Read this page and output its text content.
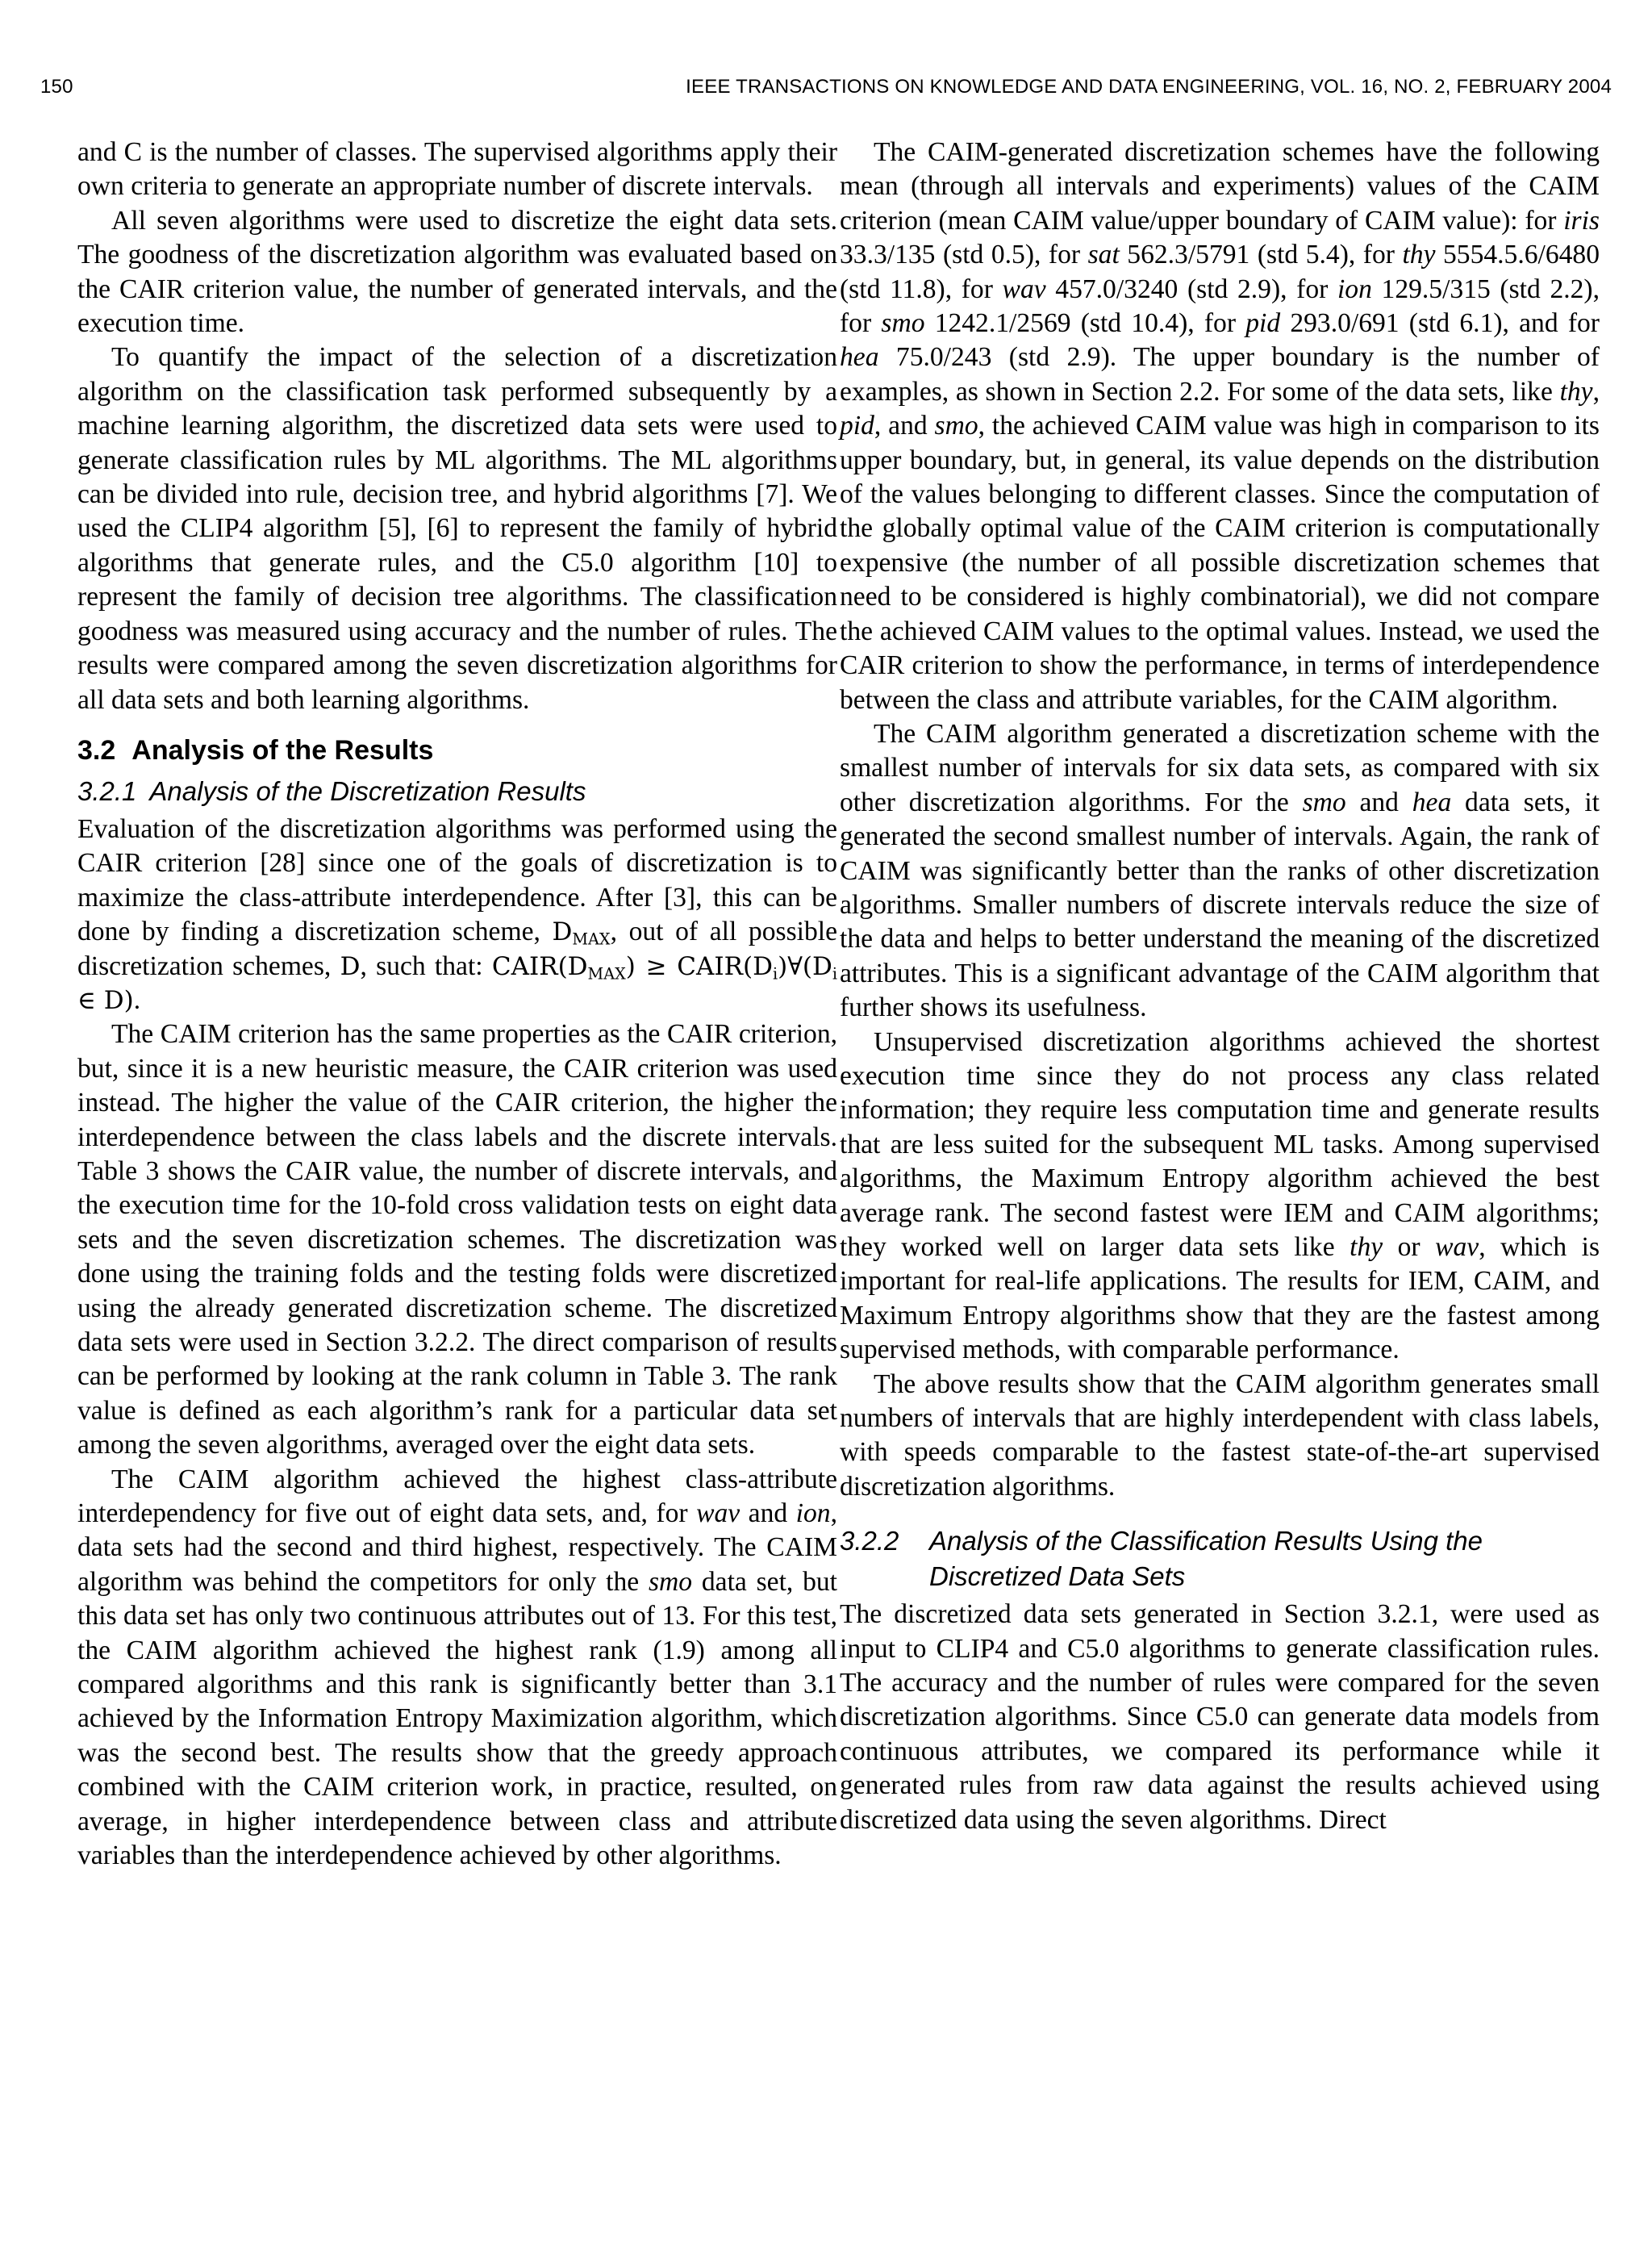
150	IEEE TRANSACTIONS ON KNOWLEDGE AND DATA ENGINEERING, VOL. 16, NO. 2, FEBRUARY 2004

and C is the number of classes. The supervised algorithms apply their own criteria to generate an appropriate number of discrete intervals.

All seven algorithms were used to discretize the eight data sets. The goodness of the discretization algorithm was evaluated based on the CAIR criterion value, the number of generated intervals, and the execution time.

To quantify the impact of the selection of a discretization algorithm on the classification task performed subsequently by a machine learning algorithm, the discretized data sets were used to generate classification rules by ML algorithms. The ML algorithms can be divided into rule, decision tree, and hybrid algorithms [7]. We used the CLIP4 algorithm [5], [6] to represent the family of hybrid algorithms that generate rules, and the C5.0 algorithm [10] to represent the family of decision tree algorithms. The classification goodness was measured using accuracy and the number of rules. The results were compared among the seven discretization algorithms for all data sets and both learning algorithms.

3.2 Analysis of the Results
3.2.1 Analysis of the Discretization Results

Evaluation of the discretization algorithms was performed using the CAIR criterion [28] since one of the goals of discretization is to maximize the class-attribute interdependence. After [3], this can be done by finding a discretization scheme, $D_{MAX}$, out of all possible discretization schemes, D, such that: $CAIR(D_{MAX})$ ≥ $CAIR(D_i)\forall(D_i$ ∈ D).

The CAIM criterion has the same properties as the CAIR criterion, but, since it is a new heuristic measure, the CAIR criterion was used instead. The higher the value of the CAIR criterion, the higher the interdependence between the class labels and the discrete intervals. Table 3 shows the CAIR value, the number of discrete intervals, and the execution time for the 10-fold cross validation tests on eight data sets and the seven discretization schemes. The discretization was done using the training folds and the testing folds were discretized using the already generated discretization scheme. The discretized data sets were used in Section 3.2.2. The direct comparison of results can be performed by looking at the rank column in Table 3. The rank value is defined as each algorithm’s rank for a particular data set among the seven algorithms, averaged over the eight data sets.

The CAIM algorithm achieved the highest class-attribute interdependency for five out of eight data sets, and, for wav and ion, data sets had the second and third highest, respectively. The CAIM algorithm was behind the competitors for only the smo data set, but this data set has only two continuous attributes out of 13. For this test, the CAIM algorithm achieved the highest rank (1.9) among all compared algorithms and this rank is significantly better than 3.1 achieved by the Information Entropy Maximization algorithm, which was the second best. The results show that the greedy approach combined with the CAIM criterion work, in practice, resulted, on average, in higher interdependence between class and attribute variables than the interdependence achieved by other algorithms.

The CAIM-generated discretization schemes have the following mean (through all intervals and experiments) values of the CAIM criterion (mean CAIM value/upper boundary of CAIM value): for iris 33.3/135 (std 0.5), for sat 562.3/5791 (std 5.4), for thy 5554.5.6/6480 (std 11.8), for wav 457.0/3240 (std 2.9), for ion 129.5/315 (std 2.2), for smo 1242.1/2569 (std 10.4), for pid 293.0/691 (std 6.1), and for hea 75.0/243 (std 2.9). The upper boundary is the number of examples, as shown in Section 2.2. For some of the data sets, like thy, pid, and smo, the achieved CAIM value was high in comparison to its upper boundary, but, in general, its value depends on the distribution of the values belonging to different classes. Since the computation of the globally optimal value of the CAIM criterion is computationally expensive (the number of all possible discretization schemes that need to be considered is highly combinatorial), we did not compare the achieved CAIM values to the optimal values. Instead, we used the CAIR criterion to show the performance, in terms of interdependence between the class and attribute variables, for the CAIM algorithm.

The CAIM algorithm generated a discretization scheme with the smallest number of intervals for six data sets, as compared with six other discretization algorithms. For the smo and hea data sets, it generated the second smallest number of intervals. Again, the rank of CAIM was significantly better than the ranks of other discretization algorithms. Smaller numbers of discrete intervals reduce the size of the data and helps to better understand the meaning of the discretized attributes. This is a significant advantage of the CAIM algorithm that further shows its usefulness.

Unsupervised discretization algorithms achieved the shortest execution time since they do not process any class related information; they require less computation time and generate results that are less suited for the subsequent ML tasks. Among supervised algorithms, the Maximum Entropy algorithm achieved the best average rank. The second fastest were IEM and CAIM algorithms; they worked well on larger data sets like thy or wav, which is important for real-life applications. The results for IEM, CAIM, and Maximum Entropy algorithms show that they are the fastest among supervised methods, with comparable performance.

The above results show that the CAIM algorithm generates small numbers of intervals that are highly interdependent with class labels, with speeds comparable to the fastest state-of-the-art supervised discretization algorithms.

3.2.2 Analysis of the Classification Results Using the Discretized Data Sets

The discretized data sets generated in Section 3.2.1, were used as input to CLIP4 and C5.0 algorithms to generate classification rules. The accuracy and the number of rules were compared for the seven discretization algorithms. Since C5.0 can generate data models from continuous attributes, we compared its performance while it generated rules from raw data against the results achieved using discretized data using the seven algorithms. Direct
